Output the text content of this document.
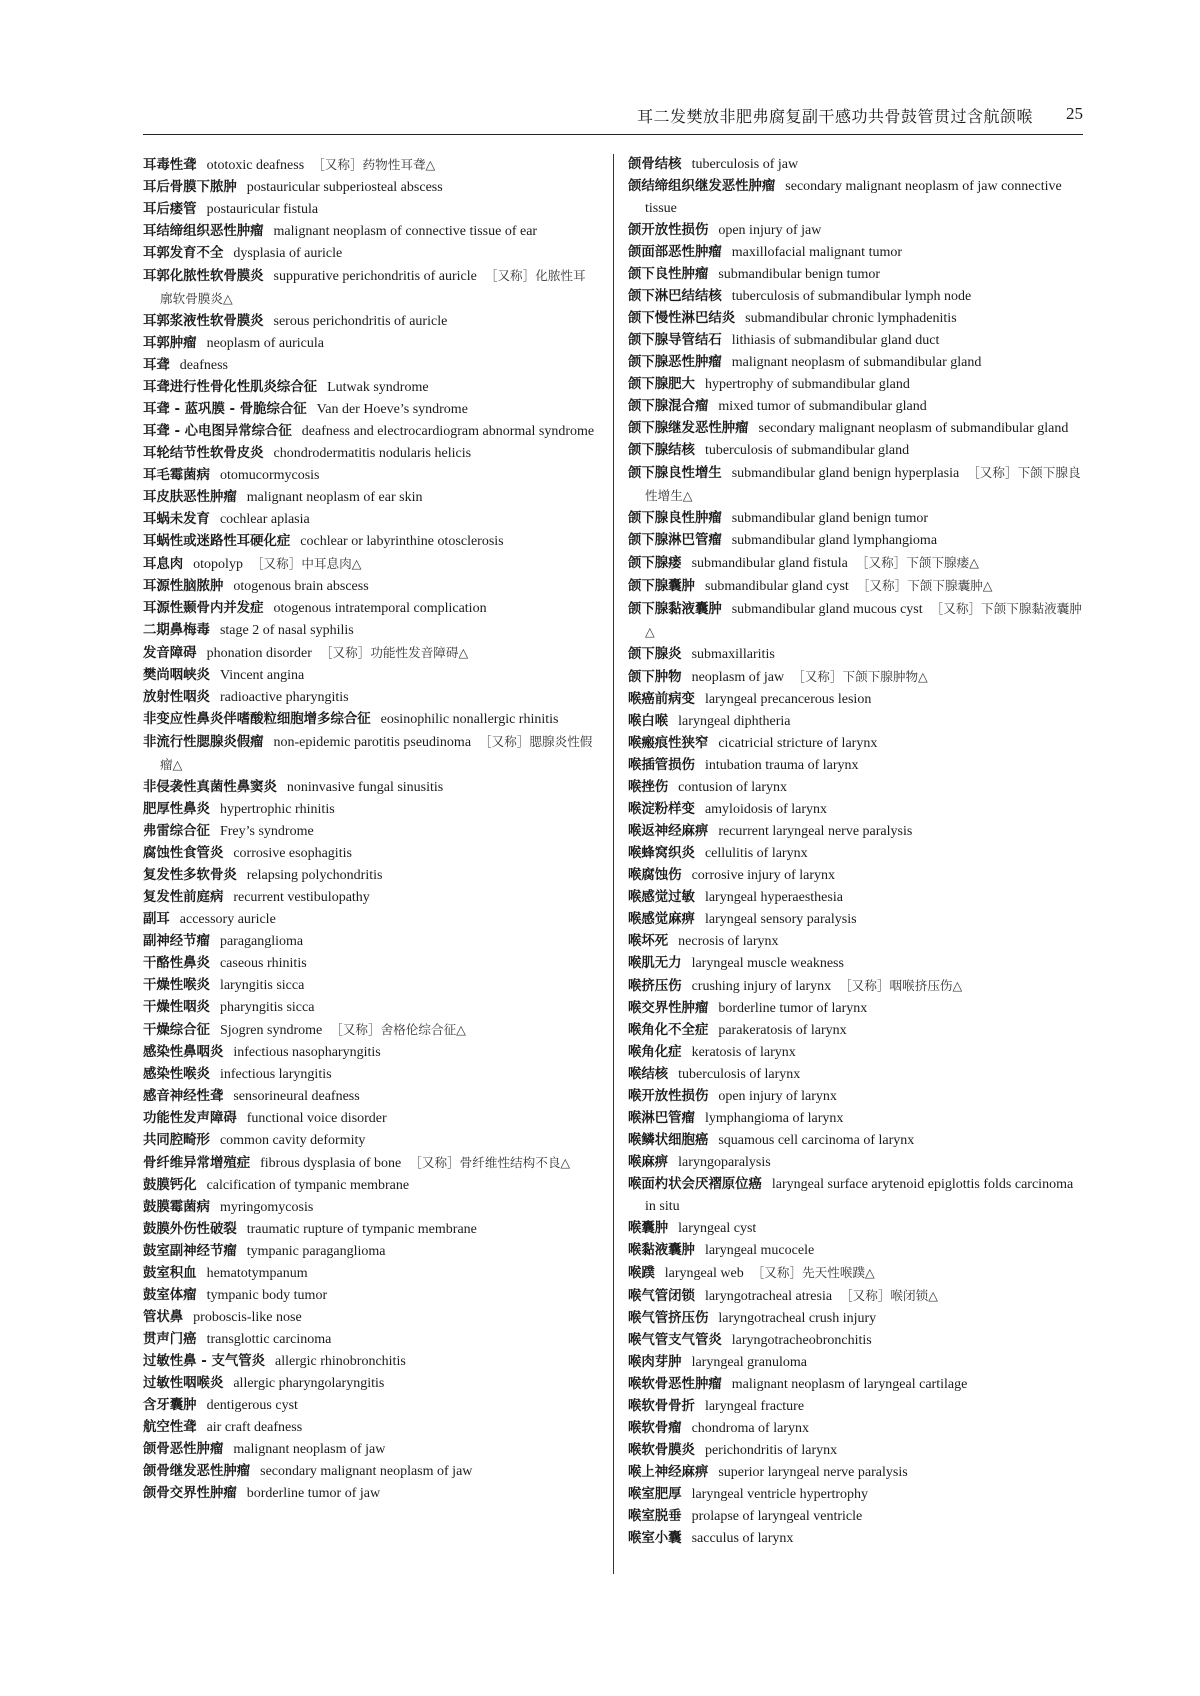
耳二发樊放非肥弗腐复副干感功共骨鼓管贯过含航颌喉 25
耳毒性聋 ototoxic deafness ［又称］药物性耳聋△
耳后骨膜下脓肿 postauricular subperiosteal abscess
耳后瘘管 postauricular fistula
耳结缔组织恶性肿瘤 malignant neoplasm of connective tissue of ear
耳郭发育不全 dysplasia of auricle
耳郭化脓性软骨膜炎 suppurative perichondritis of auricle ［又称］化脓性耳廓软骨膜炎△
耳郭浆液性软骨膜炎 serous perichondritis of auricle
耳郭肿瘤 neoplasm of auricula
耳聋 deafness
耳聋进行性骨化性肌炎综合征 Lutwak syndrome
耳聋 - 蓝巩膜 - 骨脆综合征 Van der Hoeve’s syndrome
耳聋 - 心电图异常综合征 deafness and electrocardiogram abnormal syndrome
耳轮结节性软骨皮炎 chondrodermatitis nodularis helicis
耳毛霉菌病 otomucormycosis
耳皮肤恶性肿瘤 malignant neoplasm of ear skin
耳蜗未发育 cochlear aplasia
耳蜗性或迷路性耳硬化症 cochlear or labyrinthine otosclerosis
耳息肉 otopolyp ［又称］中耳息肉△
耳源性脑脓肿 otogenous brain abscess
耳源性颞骨内并发症 otogenous intratemporal complication
二期鼻梅毒 stage 2 of nasal syphilis
发音障碍 phonation disorder ［又称］功能性发音障碍△
樊尚咽峡炎 Vincent angina
放射性咽炎 radioactive pharyngitis
非变应性鼻炎伴嗜酸粒细胞增多综合征 eosinophilic nonallergic rhinitis
非流行性腮腺炎假瘤 non-epidemic parotitis pseudinoma ［又称］腮腺炎性假瘤△
非侵袭性真菌性鼻窦炎 noninvasive fungal sinusitis
肥厚性鼻炎 hypertrophic rhinitis
弗雷综合征 Frey’s syndrome
腐蚀性食管炎 corrosive esophagitis
复发性多软骨炎 relapsing polychondritis
复发性前庭病 recurrent vestibulopathy
副耳 accessory auricle
副神经节瘤 paraganglioma
干酪性鼻炎 caseous rhinitis
干燥性喉炎 laryngitis sicca
干燥性咽炎 pharyngitis sicca
干燥综合征 Sjogren syndrome ［又称］舍格伦综合征△
感染性鼻咽炎 infectious nasopharyngitis
感染性喉炎 infectious laryngitis
感音神经性聋 sensorineural deafness
功能性发声障碍 functional voice disorder
共同腔畸形 common cavity deformity
骨纤维异常增殖症 fibrous dysplasia of bone ［又称］骨纤维性结构不良△
鼓膜钙化 calcification of tympanic membrane
鼓膜霉菌病 myringomycosis
鼓膜外伤性破裂 traumatic rupture of tympanic membrane
鼓室副神经节瘤 tympanic paraganglioma
鼓室积血 hematotympanum
鼓室体瘤 tympanic body tumor
管状鼻 proboscis-like nose
贯声门癌 transglottic carcinoma
过敏性鼻 - 支气管炎 allergic rhinobronchitis
过敏性咽喉炎 allergic pharyngolaryngitis
含牙囊肿 dentigerous cyst
航空性聋 air craft deafness
颌骨恶性肿瘤 malignant neoplasm of jaw
颌骨继发恶性肿瘤 secondary malignant neoplasm of jaw
颌骨交界性肿瘤 borderline tumor of jaw
颌骨结核 tuberculosis of jaw
颌结缔组织继发恶性肿瘤 secondary malignant neoplasm of jaw connective tissue
颌开放性损伤 open injury of jaw
颌面部恶性肿瘤 maxillofacial malignant tumor
颌下良性肿瘤 submandibular benign tumor
颌下淋巴结结核 tuberculosis of submandibular lymph node
颌下慢性淋巴结炎 submandibular chronic lymphadenitis
颌下腺导管结石 lithiasis of submandibular gland duct
颌下腺恶性肿瘤 malignant neoplasm of submandibular gland
颌下腺肥大 hypertrophy of submandibular gland
颌下腺混合瘤 mixed tumor of submandibular gland
颌下腺继发恶性肿瘤 secondary malignant neoplasm of submandibular gland
颌下腺结核 tuberculosis of submandibular gland
颌下腺良性增生 submandibular gland benign hyperplasia ［又称］下颌下腺良性增生△
颌下腺良性肿瘤 submandibular gland benign tumor
颌下腺淋巴管瘤 submandibular gland lymphangioma
颌下腺瘘 submandibular gland fistula ［又称］下颌下腺瘘△
颌下腺囊肿 submandibular gland cyst ［又称］下颌下腺囊肿△
颌下腺黏液囊肿 submandibular gland mucous cyst ［又称］下颌下腺黏液囊肿△
颌下腺炎 submaxillaritis
颌下肿物 neoplasm of jaw ［又称］下颌下腺肿物△
喉癌前病变 laryngeal precancerous lesion
喉白喉 laryngeal diphtheria
喉瘢痕性狭窄 cicatricial stricture of larynx
喉插管损伤 intubation trauma of larynx
喉挫伤 contusion of larynx
喉淀粉样变 amyloidosis of larynx
喉返神经麻痹 recurrent laryngeal nerve paralysis
喉蜂窝织炎 cellulitis of larynx
喉腐蚀伤 corrosive injury of larynx
喉感觉过敏 laryngeal hyperaesthesia
喉感觉麻痹 laryngeal sensory paralysis
喉坏死 necrosis of larynx
喉肌无力 laryngeal muscle weakness
喉挤压伤 crushing injury of larynx ［又称］咽喉挤压伤△
喉交界性肿瘤 borderline tumor of larynx
喉角化不全症 parakeratosis of larynx
喉角化症 keratosis of larynx
喉结核 tuberculosis of larynx
喉开放性损伤 open injury of larynx
喉淋巴管瘤 lymphangioma of larynx
喉鳞状细胞癌 squamous cell carcinoma of larynx
喉麻痹 laryngoparalysis
喉面杓状会厌褶原位癌 laryngeal surface arytenoid epiglottis folds carcinoma in situ
喉囊肿 laryngeal cyst
喉黏液囊肿 laryngeal mucocele
喉蹼 laryngeal web ［又称］先天性喉蹼△
喉气管闭锁 laryngotracheal atresia ［又称］喉闭锁△
喉气管挤压伤 laryngotracheal crush injury
喉气管支气管炎 laryngotracheobronchitis
喉肉芽肿 laryngeal granuloma
喉软骨恶性肿瘤 malignant neoplasm of laryngeal cartilage
喉软骨骨折 laryngeal fracture
喉软骨瘤 chondroma of larynx
喉软骨膜炎 perichondritis of larynx
喉上神经麻痹 superior laryngeal nerve paralysis
喉室肥厚 laryngeal ventricle hypertrophy
喉室脱垂 prolapse of laryngeal ventricle
喉室小囊 sacculus of larynx
